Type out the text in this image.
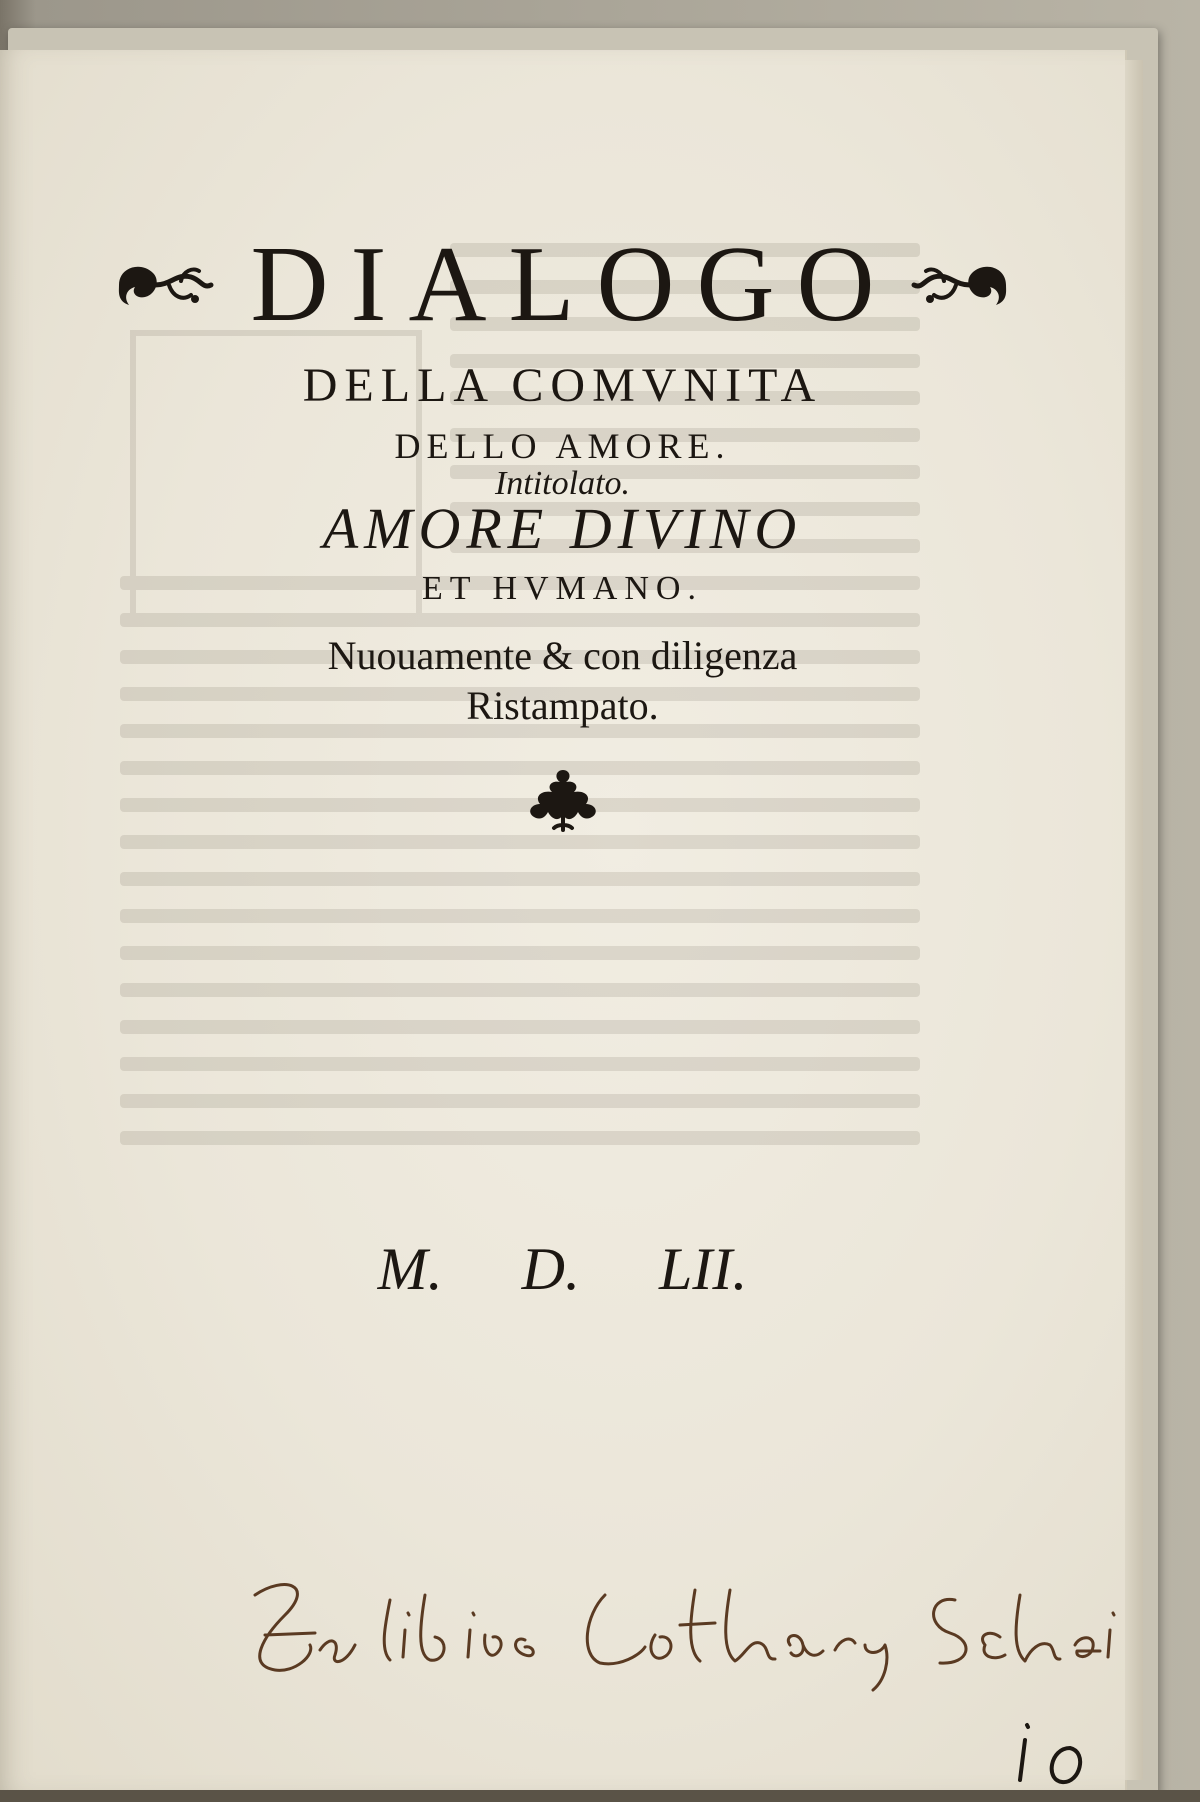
DIALOGO
DELLA COMVNITA
DELLO AMORE.
Intitolato.
AMORE DIVINO
ET HVMANO.
Nuouamente & con diligenza
Ristampato.
M. D. LII.
